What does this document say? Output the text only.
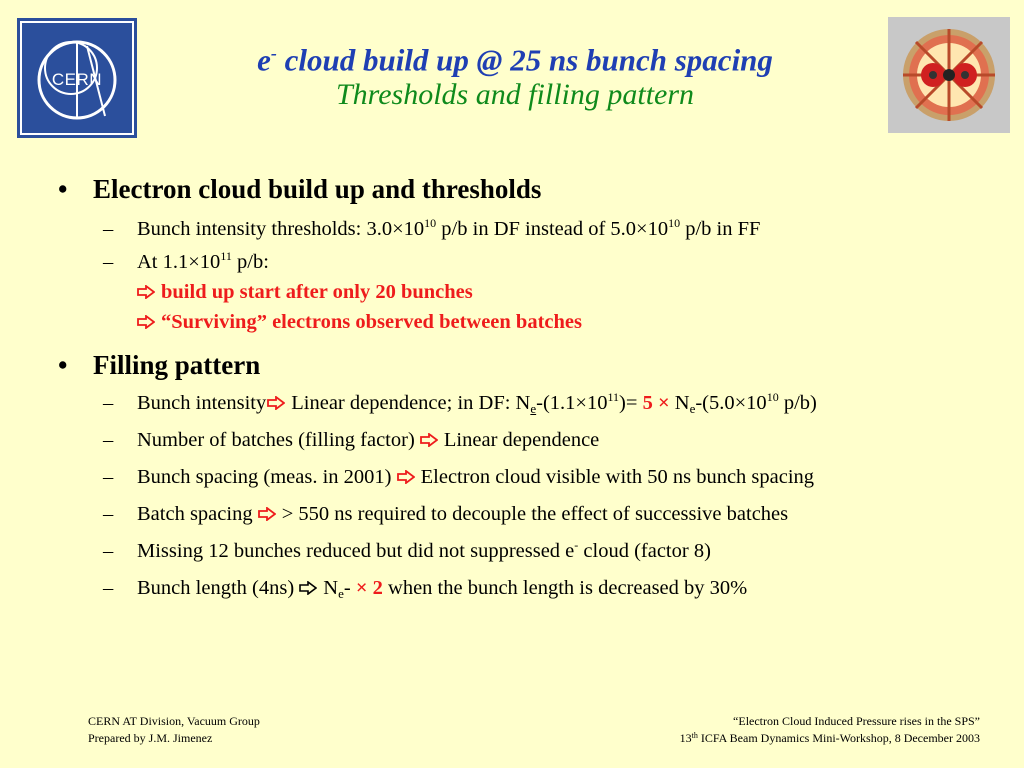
CERN
e- cloud build up @ 25 ns bunch spacing
Thresholds and filling pattern
• Electron cloud build up and thresholds
– Bunch intensity thresholds: $3.0\times 10^{10}$ p/b in DF instead of $5.0\times 10^{10}$ p/b in FF
– At $1.1\times 10^{11}$ p/b:
build up start after only 20 bunches
“Surviving” electrons observed between batches
• Filling pattern
– Bunch intensity Linear dependence; in DF: $N_e-(1.1\times 10^{11})= 5 \times N_e-(5.0\times 10^{10}$ p/b)
– Number of batches (filling factor) Linear dependence
– Bunch spacing (meas. in 2001) Electron cloud visible with 50 ns bunch spacing
– Batch spacing > 550 ns required to decouple the effect of successive batches
– Missing 12 bunches reduced but did not suppressed e- cloud (factor 8)
– Bunch length (4ns) $N_e- \times 2$ when the bunch length is decreased by 30%
CERN AT Division, Vacuum Group
Prepared by J.M. Jimenez
“Electron Cloud Induced Pressure rises in the SPS”
13th ICFA Beam Dynamics Mini-Workshop, 8 December 2003
